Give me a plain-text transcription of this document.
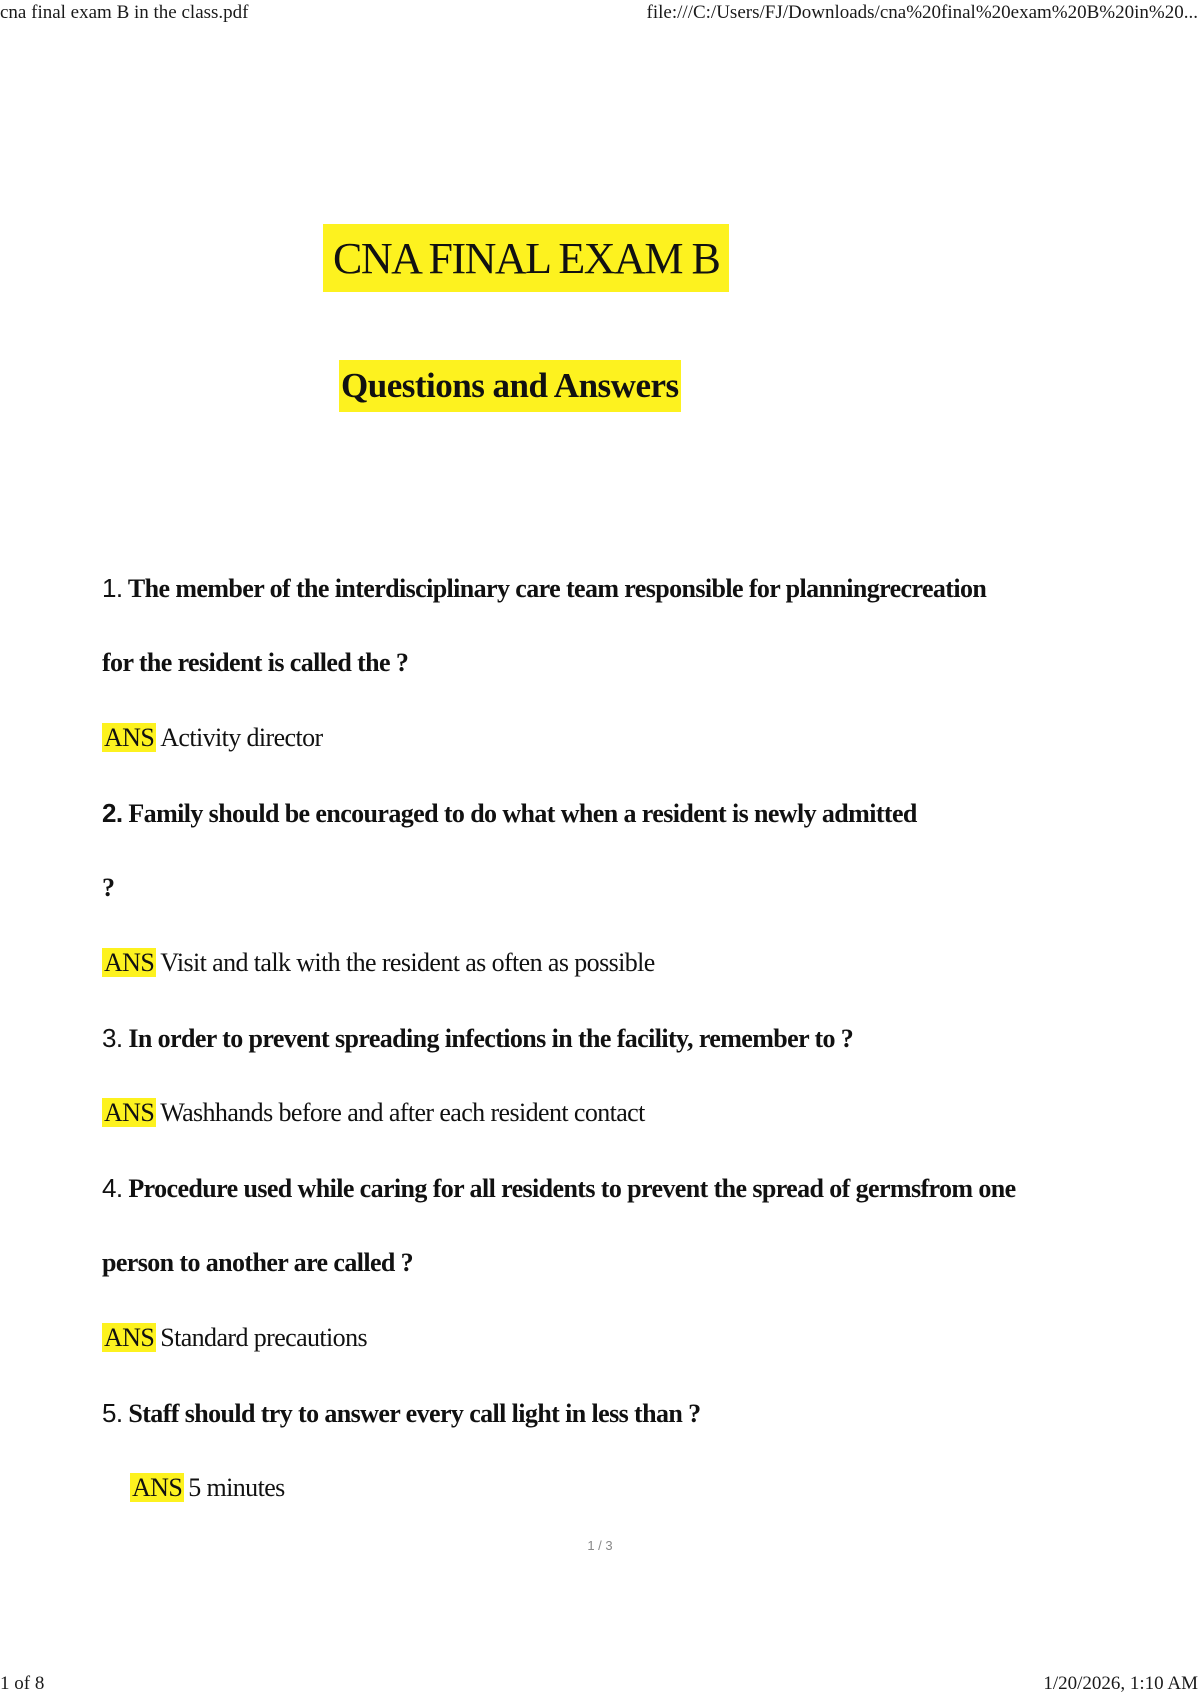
cna final exam B in the class.pdf	file:///C:/Users/FJ/Downloads/cna%20final%20exam%20B%20in%20...
CNA FINAL EXAM B
Questions and Answers
1. The member of the interdisciplinary care team responsible for planningrecreation
for the resident is called the ?
ANS Activity director
2. Family should be encouraged to do what when a resident is newly admitted
?
ANS Visit and talk with the resident as often as possible
3. In order to prevent spreading infections in the facility, remember to ?
ANS Washhands before and after each resident contact
4. Procedure used while caring for all residents to prevent the spread of germsfrom one
person to another are called ?
ANS Standard precautions
5. Staff should try to answer every call light in less than ?
ANS 5 minutes
1 / 3
1 of 8	1/20/2026, 1:10 AM
